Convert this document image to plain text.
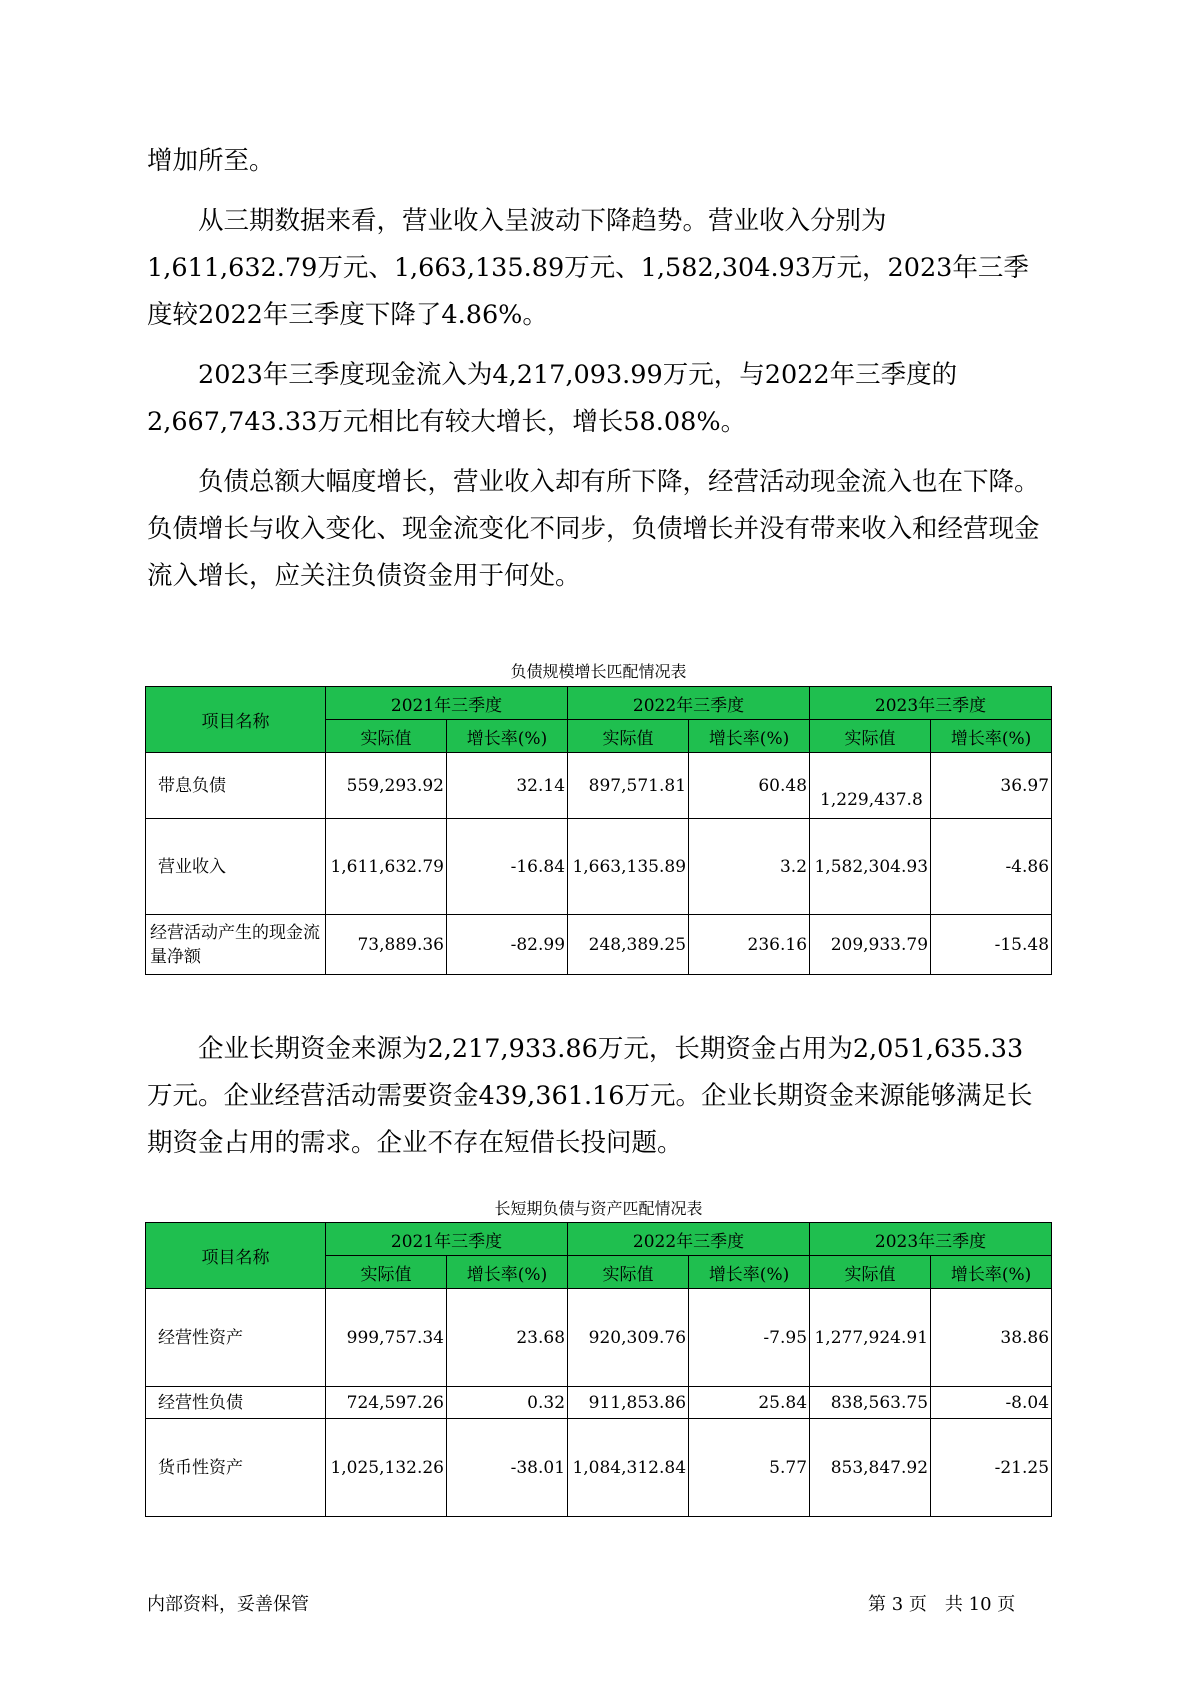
增加所至。

从三期数据来看，营业收入呈波动下降趋势。营业收入分别为1,611,632.79万元、1,663,135.89万元、1,582,304.93万元，2023年三季度较2022年三季度下降了4.86%。

2023年三季度现金流入为4,217,093.99万元，与2022年三季度的2,667,743.33万元相比有较大增长，增长58.08%。

负债总额大幅度增长，营业收入却有所下降，经营活动现金流入也在下降。负债增长与收入变化、现金流变化不同步，负债增长并没有带来收入和经营现金流入增长，应关注负债资金用于何处。

负债规模增长匹配情况表
项目名称	2021年三季度		2022年三季度		2023年三季度	
	实际值	增长率(%)	实际值	增长率(%)	实际值	增长率(%)
带息负债	559,293.92	32.14	897,571.81	60.48	1,229,437.8	36.97
营业收入	1,611,632.79	-16.84	1,663,135.89	3.2	1,582,304.93	-4.86
经营活动产生的现金流量净额	73,889.36	-82.99	248,389.25	236.16	209,933.79	-15.48

企业长期资金来源为2,217,933.86万元，长期资金占用为2,051,635.33万元。企业经营活动需要资金439,361.16万元。企业长期资金来源能够满足长期资金占用的需求。企业不存在短借长投问题。

长短期负债与资产匹配情况表
项目名称	2021年三季度		2022年三季度		2023年三季度	
	实际值	增长率(%)	实际值	增长率(%)	实际值	增长率(%)
经营性资产	999,757.34	23.68	920,309.76	-7.95	1,277,924.91	38.86
经营性负债	724,597.26	0.32	911,853.86	25.84	838,563.75	-8.04
货币性资产	1,025,132.26	-38.01	1,084,312.84	5.77	853,847.92	-21.25
内部资料，妥善保管	第 3 页　共 10 页
